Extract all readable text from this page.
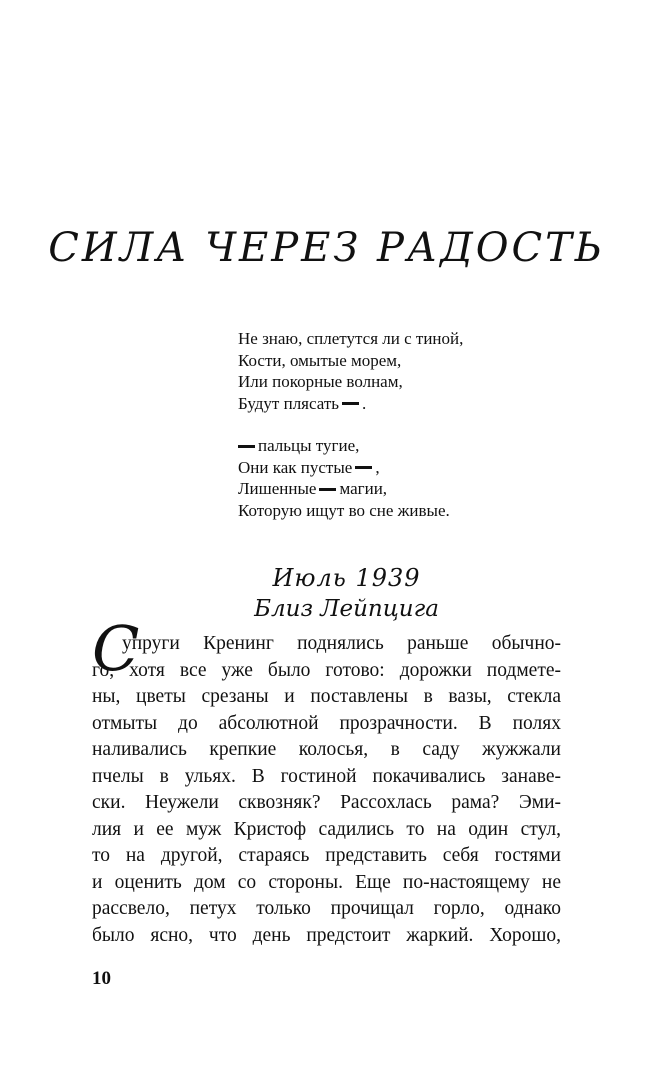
СИЛА ЧЕРЕЗ РАДОСТЬ
Не знаю, сплетутся ли с тиной,
Кости, омытые морем,
Или покорные волнам,
Будут плясать .
пальцы тугие,
Они как пустые ,
Лишенные магии,
Которую ищут во сне живые.
Июль 1939
Близ Лейпцига
С
упруги Кренинг поднялись раньше обычно-
го, хотя все уже было готово: дорожки подмете-
ны, цветы срезаны и поставлены в вазы, стекла
отмыты до абсолютной прозрачности. В полях
наливались крепкие колосья, в саду жужжали
пчелы в ульях. В гостиной покачивались занаве-
ски. Неужели сквозняк? Рассохлась рама? Эми-
лия и ее муж Кристоф садились то на один стул,
то на другой, стараясь представить себя гостями
и оценить дом со стороны. Еще по-настоящему не
рассвело, петух только прочищал горло, однако
было ясно, что день предстоит жаркий. Хорошо,
10
